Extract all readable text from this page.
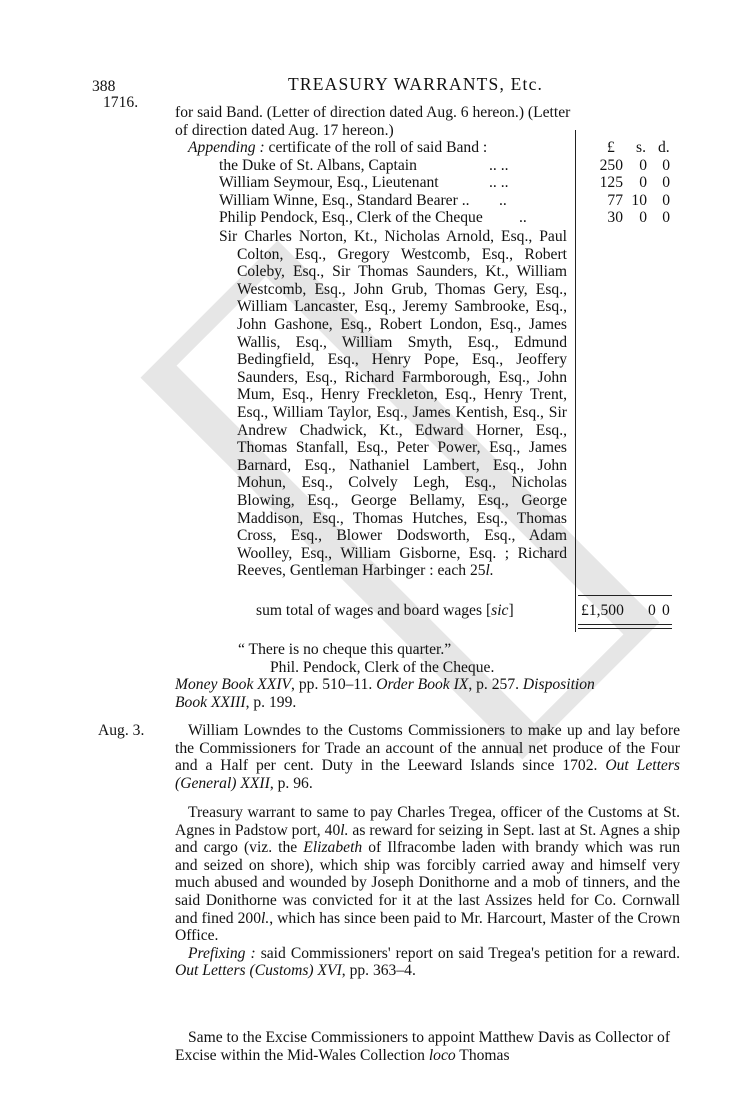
388	TREASURY WARRANTS, Etc.
1716.

for said Band. (Letter of direction dated Aug. 6 hereon.) (Letter
of direction dated Aug. 17 hereon.)

Appending : certificate of the roll of said Band :	£ s. d.
the Duke of St. Albans, Captain	.. ..	250 0 0
William Seymour, Esq., Lieutenant	.. ..	125 0 0
William Winne, Esq., Standard Bearer .. ..	77 10 0
Philip Pendock, Esq., Clerk of the Cheque ..	30 0 0

Sir Charles Norton, Kt., Nicholas Arnold, Esq., Paul Colton, Esq., Gregory Westcomb, Esq., Robert Coleby, Esq., Sir Thomas Saunders, Kt., William Westcomb, Esq., John Grub, Thomas Gery, Esq., William Lancaster, Esq., Jeremy Sambrooke, Esq., John Gashone, Esq., Robert London, Esq., James Wallis, Esq., William Smyth, Esq., Edmund Bedingfield, Esq., Henry Pope, Esq., Jeoffery Saunders, Esq., Richard Farmborough, Esq., John Mum, Esq., Henry Freckleton, Esq., Henry Trent, Esq., William Taylor, Esq., James Kentish, Esq., Sir Andrew Chadwick, Kt., Edward Horner, Esq., Thomas Stanfall, Esq., Peter Power, Esq., James Barnard, Esq., Nathaniel Lambert, Esq., John Mohun, Esq., Colvely Legh, Esq., Nicholas Blowing, Esq., George Bellamy, Esq., George Maddison, Esq., Thomas Hutches, Esq., Thomas Cross, Esq., Blower Dodsworth, Esq., Adam Woolley, Esq., William Gisborne, Esq. ; Richard Reeves, Gentleman Harbinger : each 25l.

sum total of wages and board wages [sic]	£1,500 0 0
“ There is no cheque this quarter.”
Phil. Pendock, Clerk of the Cheque.

Money Book XXIV, pp. 510–11. Order Book IX, p. 257. Disposition
Book XXIII, p. 199.

Aug. 3.	William Lowndes to the Customs Commissioners to make up and lay before the Commissioners for Trade an account of the annual net produce of the Four and a Half per cent. Duty in the Leeward Islands since 1702. Out Letters (General) XXII, p. 96.

Treasury warrant to same to pay Charles Tregea, officer of the Customs at St. Agnes in Padstow port, 40l. as reward for seizing in Sept. last at St. Agnes a ship and cargo (viz. the Elizabeth of Ilfracombe laden with brandy which was run and seized on shore), which ship was forcibly carried away and himself very much abused and wounded by Joseph Donithorne and a mob of tinners, and the said Donithorne was convicted for it at the last Assizes held for Co. Cornwall and fined 200l., which has since been paid to Mr. Harcourt, Master of the Crown Office.

Prefixing : said Commissioners' report on said Tregea's petition for a reward. Out Letters (Customs) XVI, pp. 363–4.

Same to the Excise Commissioners to appoint Matthew Davis as Collector of Excise within the Mid-Wales Collection loco Thomas
